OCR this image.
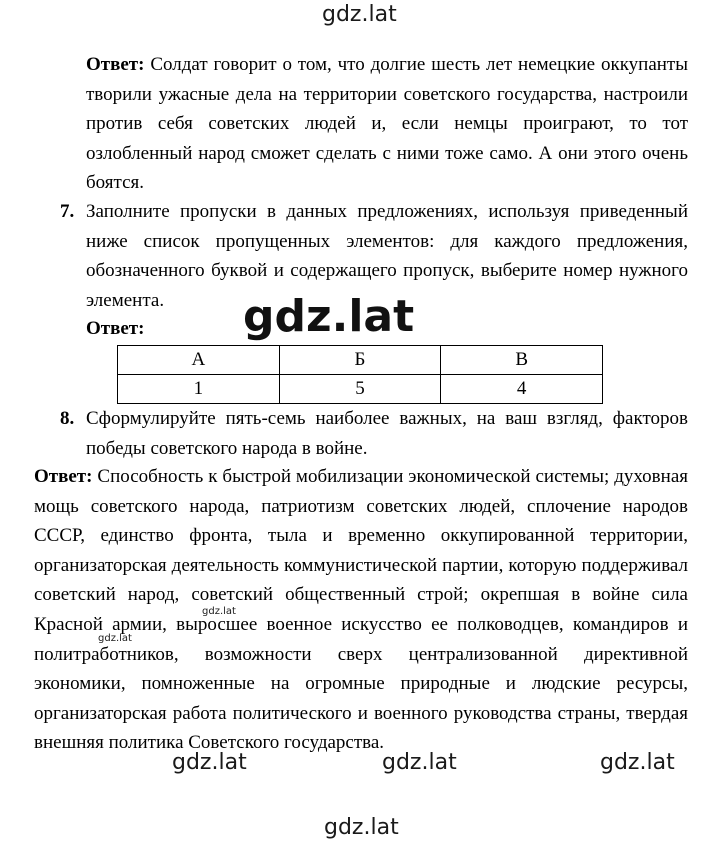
gdz.lat

Ответ: Солдат говорит о том, что долгие шесть лет немецкие оккупанты творили ужасные дела на территории советского государства, настроили против себя советских людей и, если немцы проиграют, то тот озлобленный народ сможет сделать с ними тоже само. А они этого очень боятся.

7. Заполните пропуски в данных предложениях, используя приведенный ниже список пропущенных элементов: для каждого предложения, обозначенного буквой и содержащего пропуск, выберите номер нужного элемента.

Ответ:
А	Б	В
1	5	4
gdz.lat
8. Сформулируйте пять-семь наиболее важных, на ваш взгляд, факторов победы советского народа в войне.

Ответ: Способность к быстрой мобилизации экономической системы; духовная мощь советского народа, патриотизм советских людей, сплочение народов СССР, единство фронта, тыла и временно оккупированной территории, организаторская деятельность коммунистической партии, которую поддерживал советский народ, советский общественный строй; окрепшая в войне сила Красной армии, выросшее военное искусство ее полководцев, командиров и политработников, возможности сверх централизованной директивной экономики, помноженные на огромные природные и людские ресурсы, организаторская работа политического и военного руководства страны, твердая внешняя политика Советского государства.

gdz.lat
gdz.lat
gdz.lat	gdz.lat	gdz.lat
gdz.lat
